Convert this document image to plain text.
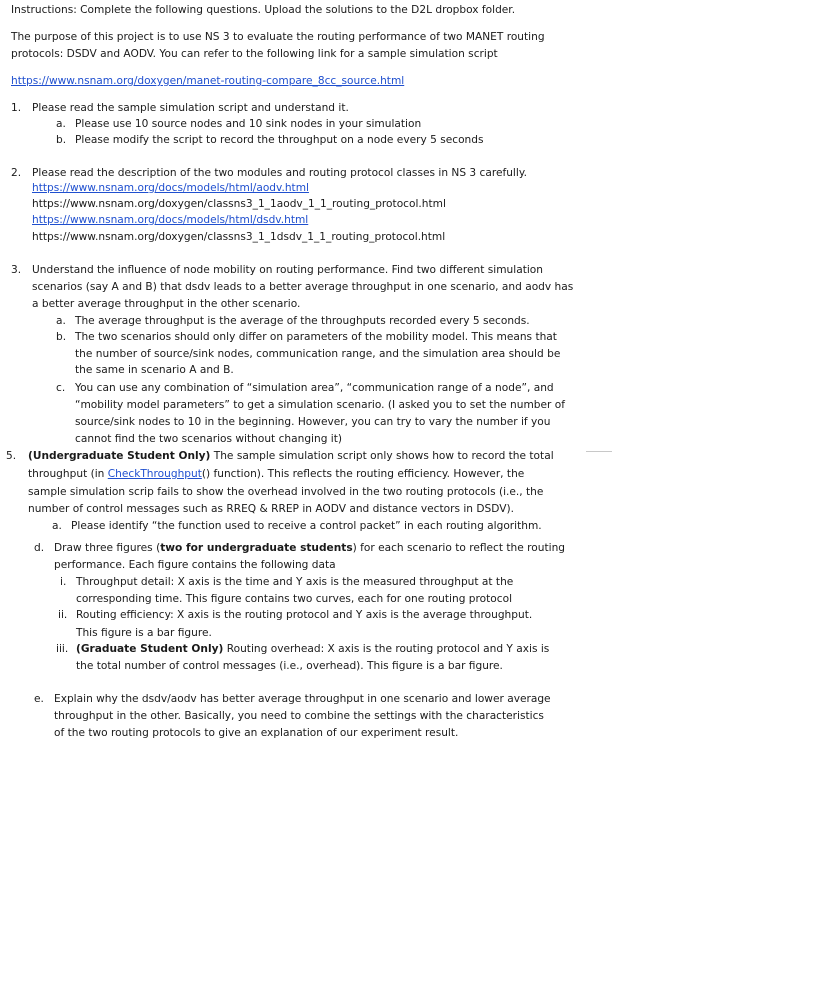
Instructions: Complete the following questions. Upload the solutions to the D2L dropbox folder.
The purpose of this project is to use NS 3 to evaluate the routing performance of two MANET routing
protocols: DSDV and AODV. You can refer to the following link for a sample simulation script
https://www.nsnam.org/doxygen/manet-routing-compare_8cc_source.html
1. Please read the sample simulation script and understand it.
a. Please use 10 source nodes and 10 sink nodes in your simulation
b. Please modify the script to record the throughput on a node every 5 seconds
2. Please read the description of the two modules and routing protocol classes in NS 3 carefully.
https://www.nsnam.org/docs/models/html/aodv.html
https://www.nsnam.org/doxygen/classns3_1_1aodv_1_1_routing_protocol.html
https://www.nsnam.org/docs/models/html/dsdv.html
https://www.nsnam.org/doxygen/classns3_1_1dsdv_1_1_routing_protocol.html
3. Understand the influence of node mobility on routing performance. Find two different simulation
scenarios (say A and B) that dsdv leads to a better average throughput in one scenario, and aodv has
a better average throughput in the other scenario.
a. The average throughput is the average of the throughputs recorded every 5 seconds.
b. The two scenarios should only differ on parameters of the mobility model. This means that
the number of source/sink nodes, communication range, and the simulation area should be
the same in scenario A and B.
c. You can use any combination of “simulation area”, “communication range of a node”, and
“mobility model parameters” to get a simulation scenario. (I asked you to set the number of
source/sink nodes to 10 in the beginning. However, you can try to vary the number if you
cannot find the two scenarios without changing it)
5. (Undergraduate Student Only) The sample simulation script only shows how to record the total
throughput (in CheckThroughput() function). This reflects the routing efficiency. However, the
sample simulation scrip fails to show the overhead involved in the two routing protocols (i.e., the
number of control messages such as RREQ & RREP in AODV and distance vectors in DSDV).
a. Please identify “the function used to receive a control packet” in each routing algorithm.
d. Draw three figures (two for undergraduate students) for each scenario to reflect the routing
performance. Each figure contains the following data
i. Throughput detail: X axis is the time and Y axis is the measured throughput at the
corresponding time. This figure contains two curves, each for one routing protocol
ii. Routing efficiency: X axis is the routing protocol and Y axis is the average throughput.
This figure is a bar figure.
iii. (Graduate Student Only) Routing overhead: X axis is the routing protocol and Y axis is
the total number of control messages (i.e., overhead). This figure is a bar figure.
e. Explain why the dsdv/aodv has better average throughput in one scenario and lower average
throughput in the other. Basically, you need to combine the settings with the characteristics
of the two routing protocols to give an explanation of our experiment result.
